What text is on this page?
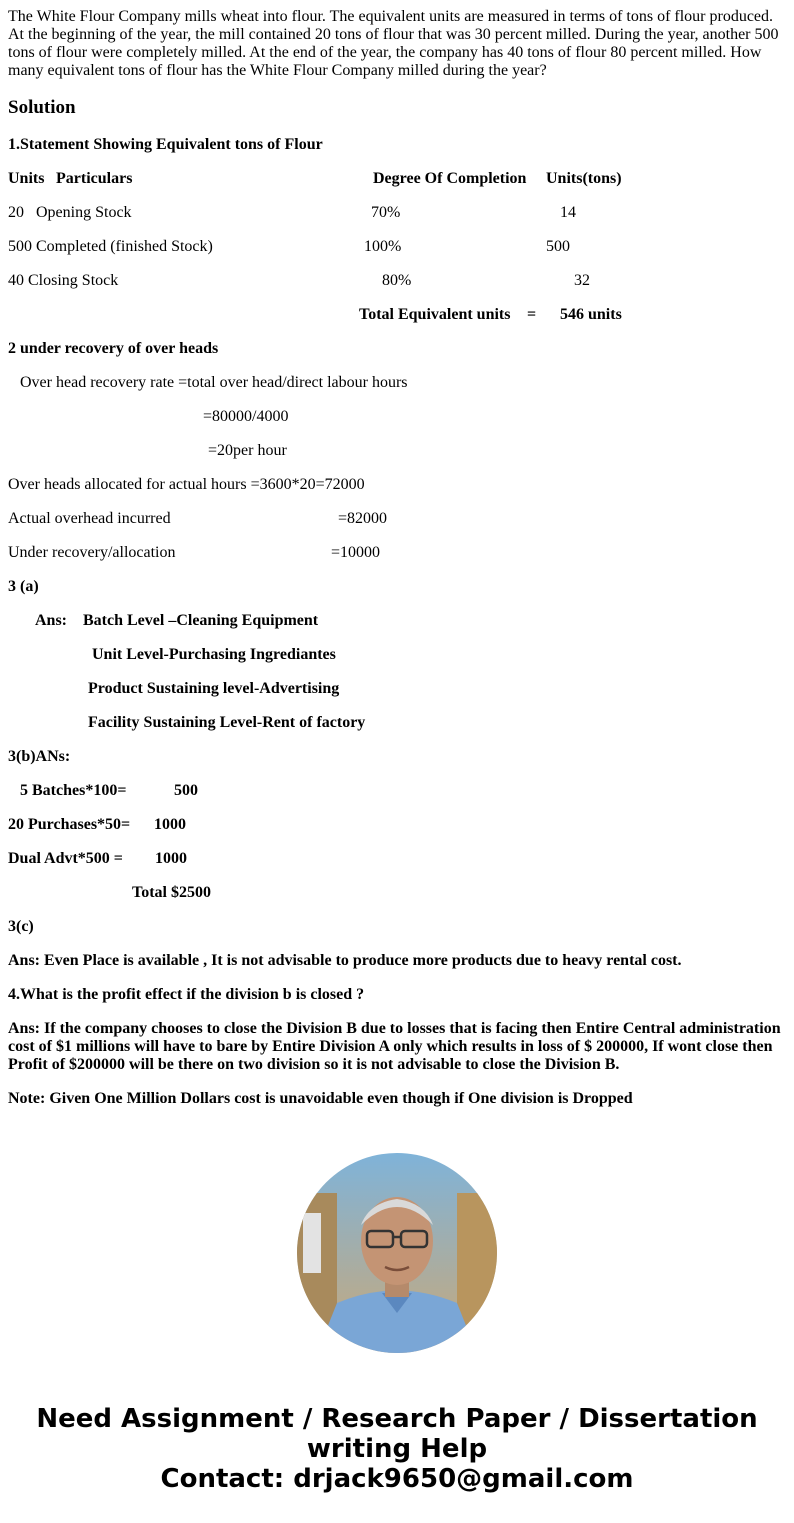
The White Flour Company mills wheat into flour. The equivalent units are measured in terms of tons of flour produced. At the beginning of the year, the mill contained 20 tons of flour that was 30 percent milled. During the year, another 500 tons of flour were completely milled. At the end of the year, the company has 40 tons of flour 80 percent milled. How many equivalent tons of flour has the White Flour Company milled during the year?

Solution
1.Statement Showing Equivalent tons of Flour
Units Particulars	Degree Of Completion Units(tons)
20 Opening Stock	70%	14
500 Completed (finished Stock)	100%	500
40 Closing Stock	80%	32
Total Equivalent units = 546 units
2 under recovery of over heads
Over head recovery rate =total over head/direct labour hours
=80000/4000
=20per hour
Over heads allocated for actual hours =3600*20=72000
Actual overhead incurred	=82000
Under recovery/allocation	=10000
3 (a)
Ans: Batch Level –Cleaning Equipment
Unit Level-Purchasing Ingrediantes
Product Sustaining level-Advertising
Facility Sustaining Level-Rent of factory
3(b)ANs:
5 Batches*100=	500
20 Purchases*50= 1000
Dual Advt*500 = 1000
Total $2500
3(c)
Ans: Even Place is available , It is not advisable to produce more products due to heavy rental cost.
4.What is the profit effect if the division b is closed ?

Ans: If the company chooses to close the Division B due to losses that is facing then Entire Central administration cost of $1 millions will have to bare by Entire Division A only which results in loss of $ 200000, If wont close then Profit of $200000 will be there on two division so it is not advisable to close the Division B.

Note: Given One Million Dollars cost is unavoidable even though if One division is Dropped
Need Assignment / Research Paper / Dissertation
writing Help
Contact: drjack9650@gmail.com
